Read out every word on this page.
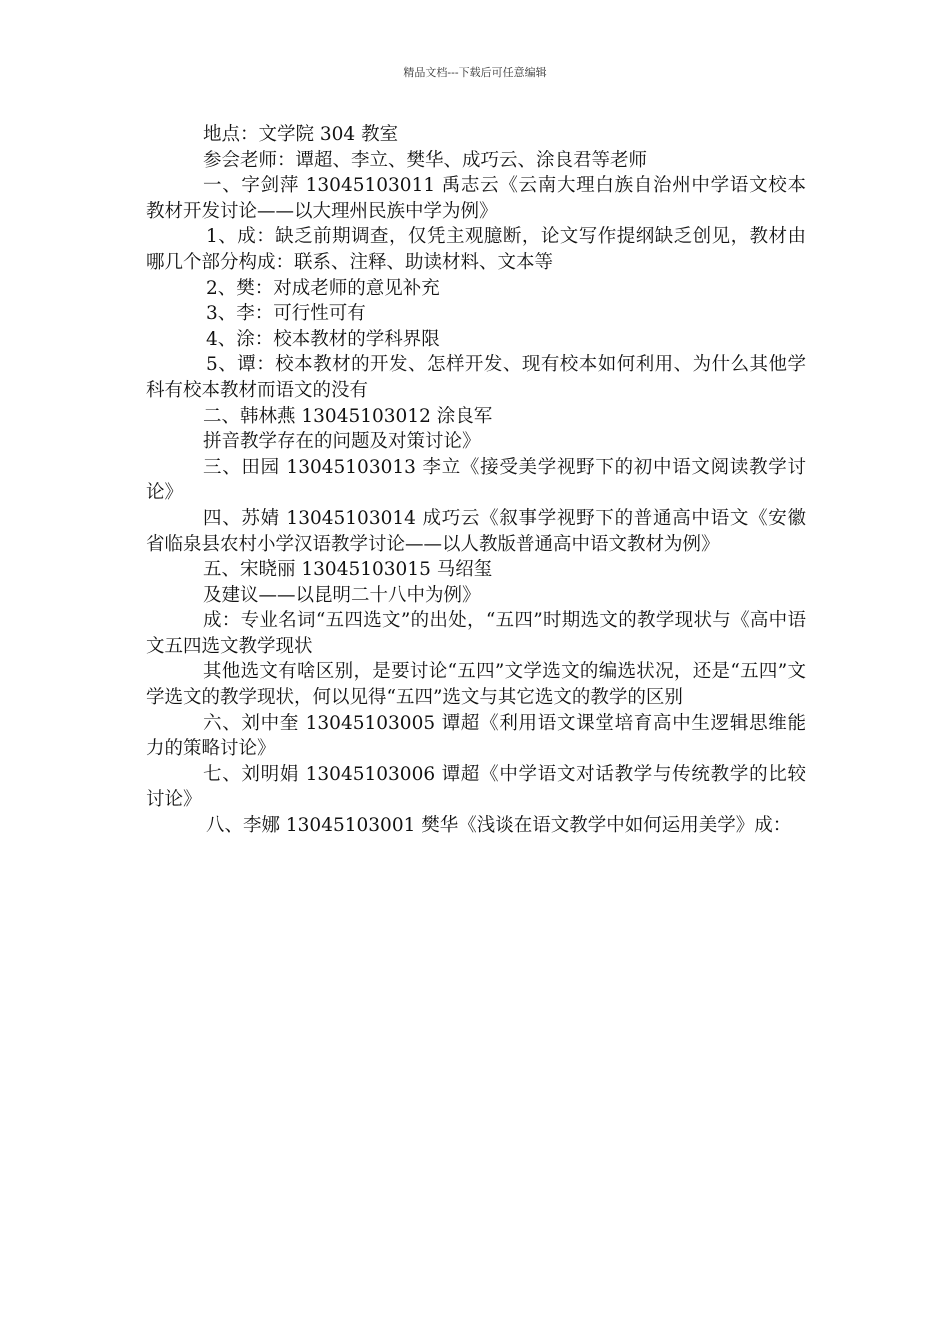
精品文档---下载后可任意编辑

地点：文学院 304 教室

参会老师：谭超、李立、樊华、成巧云、涂良君等老师

一、字剑萍 13045103011 禹志云《云南大理白族自治州中学语文校本教材开发讨论——以大理州民族中学为例》

1、成：缺乏前期调查，仅凭主观臆断，论文写作提纲缺乏创见，教材由哪几个部分构成：联系、注释、助读材料、文本等

2、樊：对成老师的意见补充

3、李：可行性可有

4、涂：校本教材的学科界限

5、谭：校本教材的开发、怎样开发、现有校本如何利用、为什么其他学科有校本教材而语文的没有

二、韩林燕 13045103012 涂良军

拼音教学存在的问题及对策讨论》

三、田园 13045103013 李立《接受美学视野下的初中语文阅读教学讨论》

四、苏婧 13045103014 成巧云《叙事学视野下的普通高中语文《安徽省临泉县农村小学汉语教学讨论——以人教版普通高中语文教材为例》

五、宋晓丽 13045103015 马绍玺

及建议——以昆明二十八中为例》

成：专业名词“五四选文”的出处，“五四”时期选文的教学现状与《高中语文五四选文教学现状

其他选文有啥区别，是要讨论“五四”文学选文的编选状况，还是“五四”文学选文的教学现状，何以见得“五四”选文与其它选文的教学的区别

六、刘中奎 13045103005 谭超《利用语文课堂培育高中生逻辑思维能力的策略讨论》

七、刘明娟 13045103006 谭超《中学语文对话教学与传统教学的比较讨论》

八、李娜 13045103001 樊华《浅谈在语文教学中如何运用美学》成：
